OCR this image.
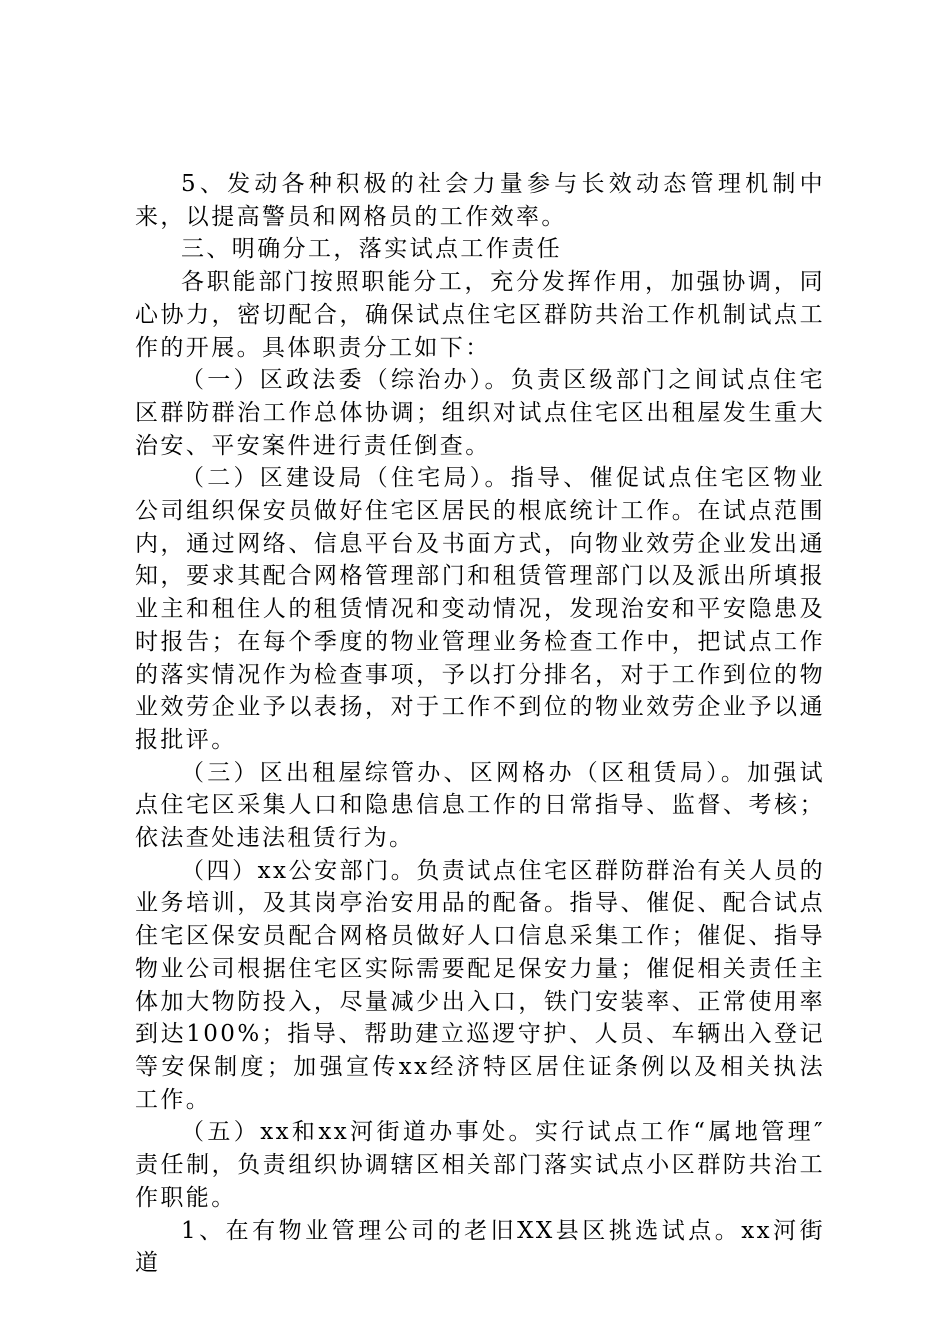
5、发动各种积极的社会力量参与长效动态管理机制中来，以提高警员和网格员的工作效率。

三、明确分工，落实试点工作责任

各职能部门按照职能分工，充分发挥作用，加强协调，同心协力，密切配合，确保试点住宅区群防共治工作机制试点工作的开展。具体职责分工如下：

（一）区政法委（综治办）。负责区级部门之间试点住宅区群防群治工作总体协调；组织对试点住宅区出租屋发生重大治安、平安案件进行责任倒查。

（二）区建设局（住宅局）。指导、催促试点住宅区物业公司组织保安员做好住宅区居民的根底统计工作。在试点范围内，通过网络、信息平台及书面方式，向物业效劳企业发出通知，要求其配合网格管理部门和租赁管理部门以及派出所填报业主和租住人的租赁情况和变动情况，发现治安和平安隐患及时报告；在每个季度的物业管理业务检查工作中，把试点工作的落实情况作为检查事项，予以打分排名，对于工作到位的物业效劳企业予以表扬，对于工作不到位的物业效劳企业予以通报批评。

（三）区出租屋综管办、区网格办（区租赁局）。加强试点住宅区采集人口和隐患信息工作的日常指导、监督、考核；依法查处违法租赁行为。

（四）xx公安部门。负责试点住宅区群防群治有关人员的业务培训，及其岗亭治安用品的配备。指导、催促、配合试点住宅区保安员配合网格员做好人口信息采集工作；催促、指导物业公司根据住宅区实际需要配足保安力量；催促相关责任主体加大物防投入，尽量减少出入口，铁门安装率、正常使用率到达100%；指导、帮助建立巡逻守护、人员、车辆出入登记等安保制度；加强宣传xx经济特区居住证条例以及相关执法工作。

（五）xx和xx河街道办事处。实行试点工作“属地管理″责任制，负责组织协调辖区相关部门落实试点小区群防共治工作职能。

1、在有物业管理公司的老旧XX县区挑选试点。xx河街道
